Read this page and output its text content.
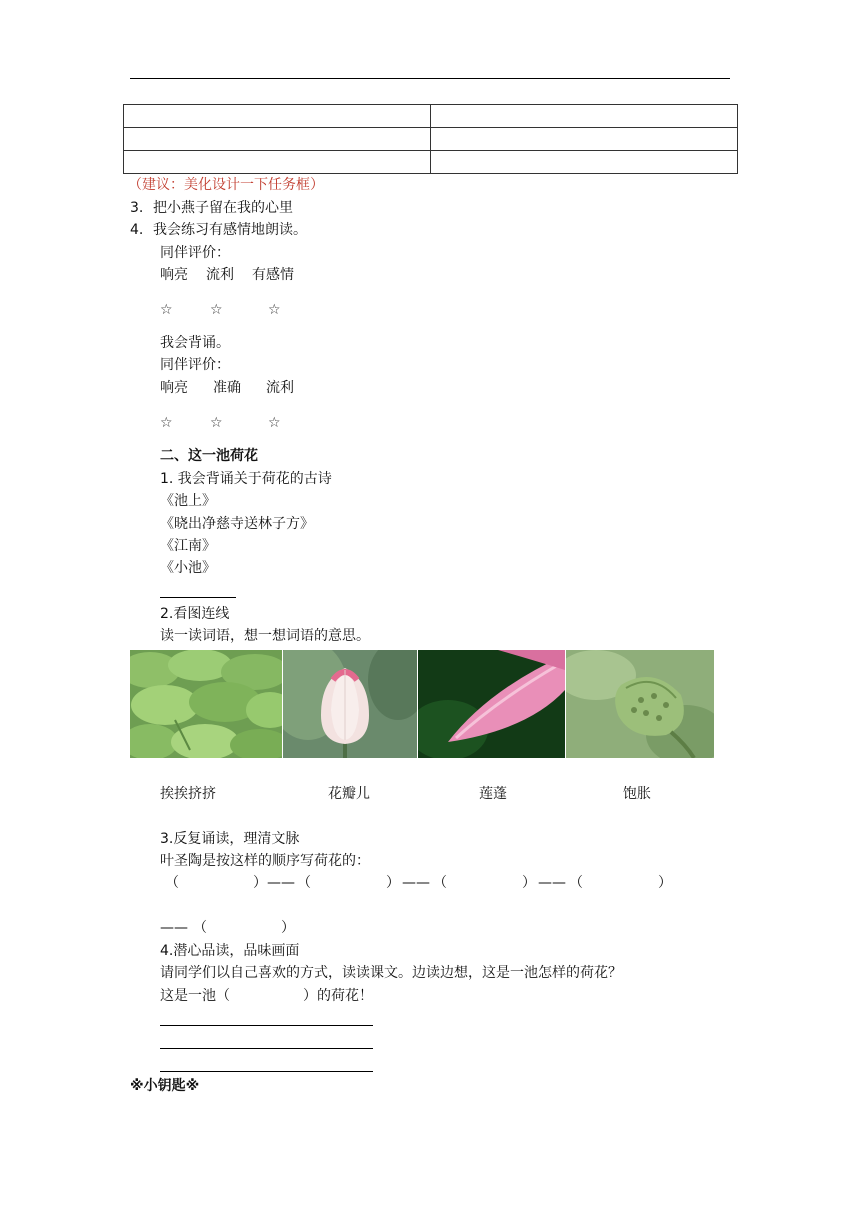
（建议：美化设计一下任务框）
3. 把小燕子留在我的心里
4. 我会练习有感情地朗读。
同伴评价：
响亮 流利 有感情
☆	☆	☆
我会背诵。
同伴评价：
响亮 准确 流利
☆	☆	☆
二、这一池荷花
1. 我会背诵关于荷花的古诗
《池上》
《晓出净慈寺送林子方》
《江南》
《小池》
2.看图连线
读一读词语，想一想词语的意思。
挨挨挤挤	花瓣儿	莲蓬	饱胀
3.反复诵读，理清文脉
叶圣陶是按这样的顺序写荷花的：
（	） —— （	） —— （	） —— （	）
—— （	）
4.潜心品读，品味画面
请同学们以自己喜欢的方式，读读课文。边读边想，这是一池怎样的荷花？
这是一池（	）的荷花！
※小钥匙※
